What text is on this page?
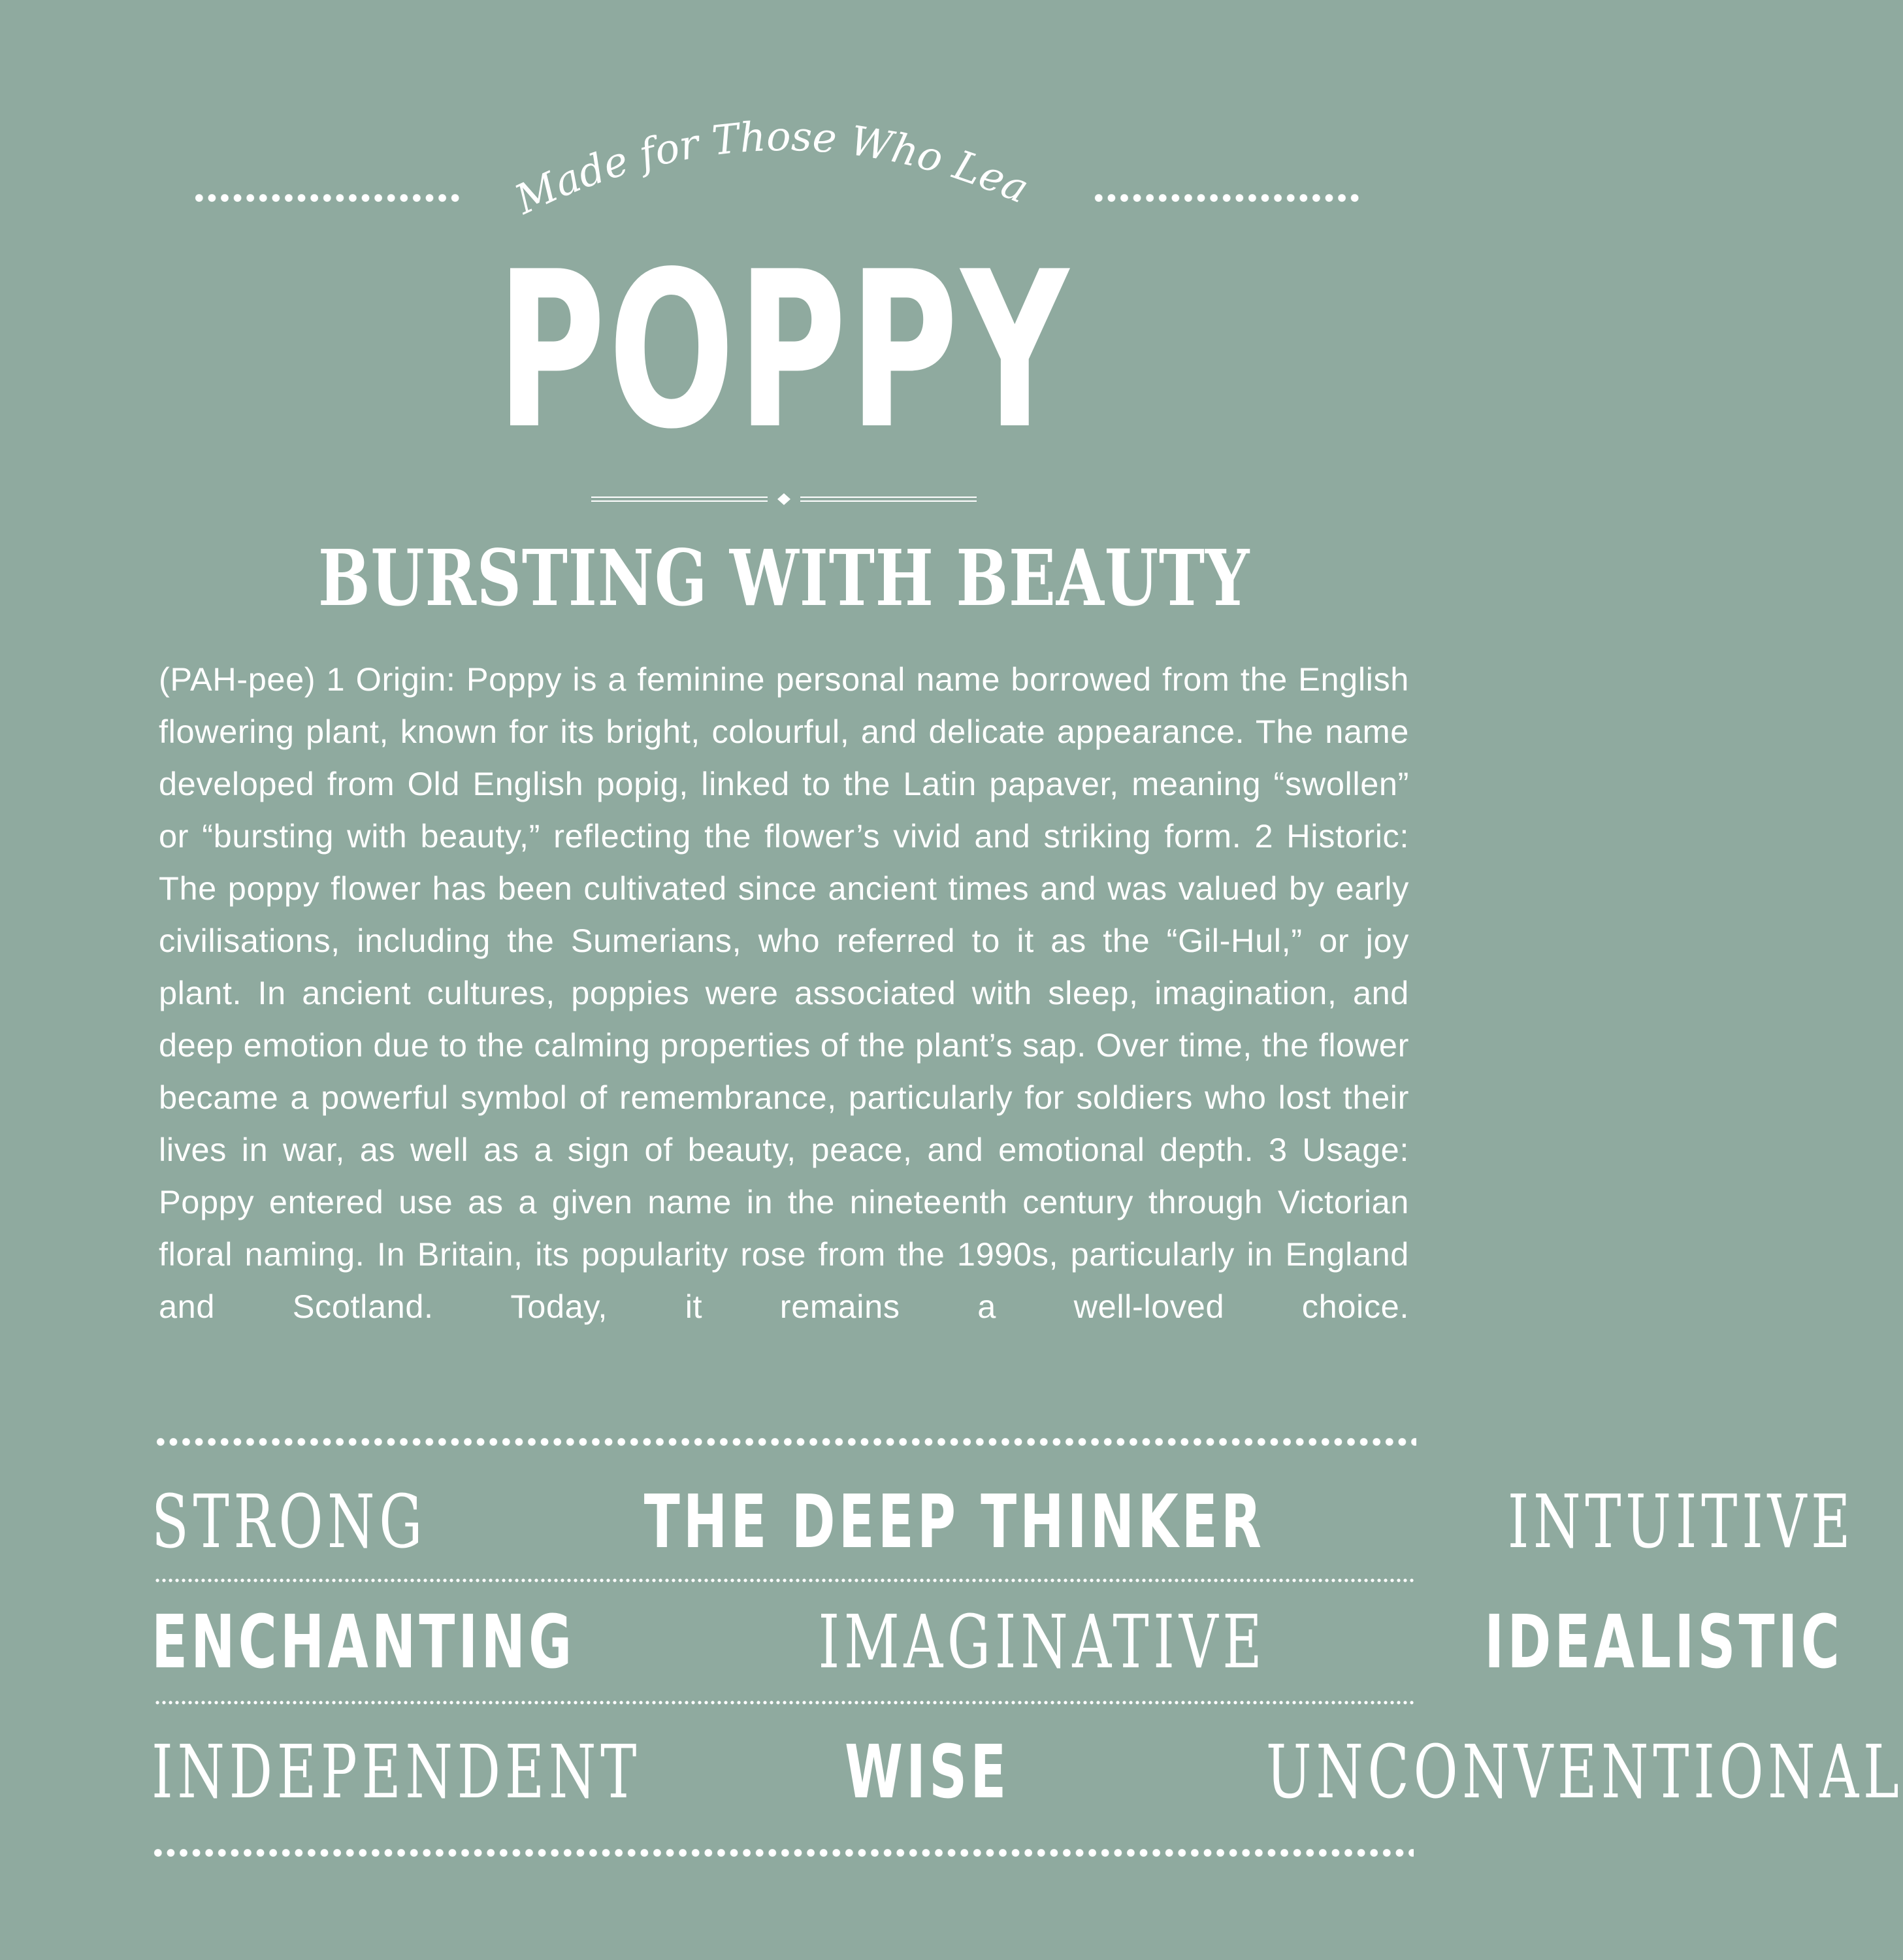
Made for Those Who Lead
POPPY
BURSTING WITH BEAUTY
(PAH-pee) 1 Origin: Poppy is a feminine personal name borrowed from the English flowering plant, known for its bright, colourful, and delicate appearance. The name developed from Old English popig, linked to the Latin papaver, meaning “swollen” or “bursting with beauty,” reflecting the flower’s vivid and striking form. 2 Historic: The poppy flower has been cultivated since ancient times and was valued by early civilisations, including the Sumerians, who referred to it as the “Gil-Hul,” or joy plant. In ancient cultures, poppies were associated with sleep, imagination, and deep emotion due to the calming properties of the plant’s sap. Over time, the flower became a powerful symbol of remembrance, particularly for soldiers who lost their lives in war, as well as a sign of beauty, peace, and emotional depth. 3 Usage: Poppy entered use as a given name in the nineteenth century through Victorian floral naming. In Britain, its popularity rose from the 1990s, particularly in England and Scotland. Today, it remains a well-loved choice.
STRONG	THE DEEP THINKER	INTUITIVE
ENCHANTING	IMAGINATIVE	IDEALISTIC
INDEPENDENT	WISE	UNCONVENTIONAL
